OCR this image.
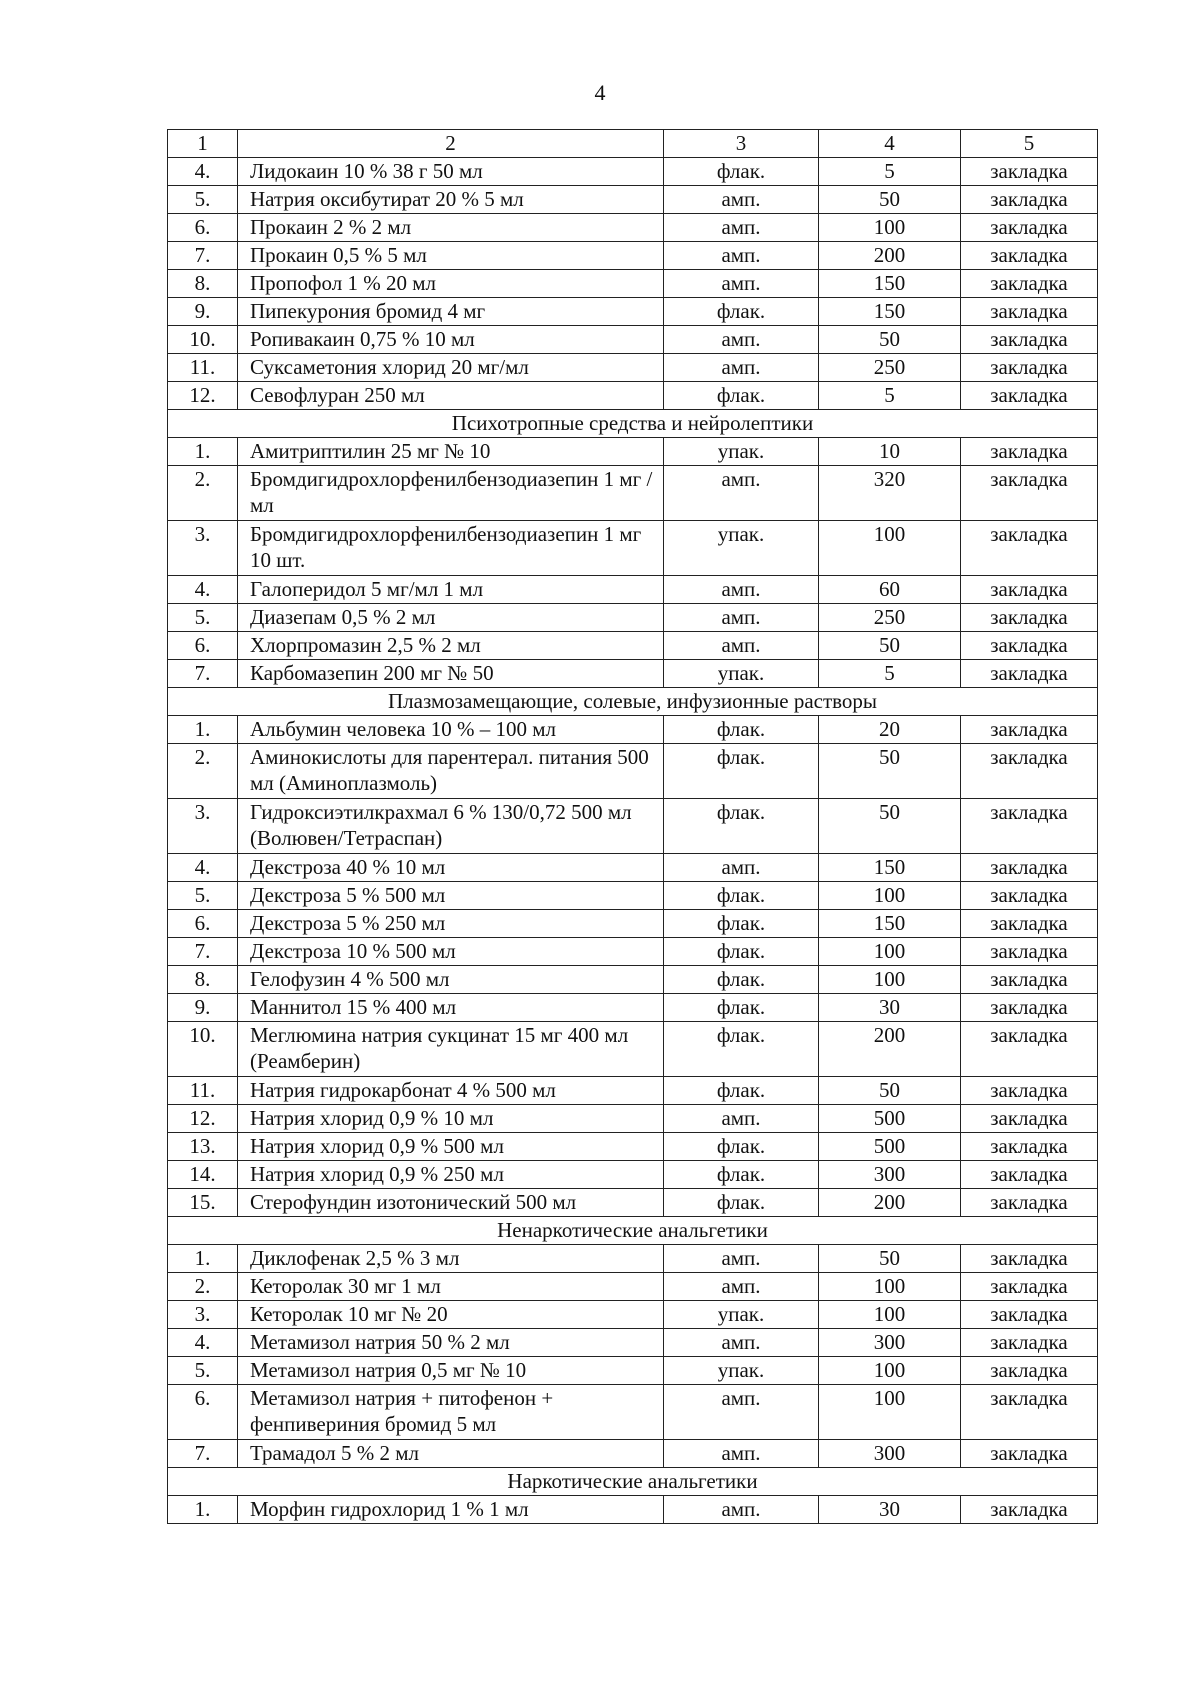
4
1	2	3	4	5
4.	Лидокаин 10 % 38 г 50 мл	флак.	5	закладка
5.	Натрия оксибутират 20 % 5 мл	амп.	50	закладка
6.	Прокаин 2 % 2 мл	амп.	100	закладка
7.	Прокаин 0,5 % 5 мл	амп.	200	закладка
8.	Пропофол 1 % 20 мл	амп.	150	закладка
9.	Пипекурония бромид 4 мг	флак.	150	закладка
10.	Ропивакаин 0,75 % 10 мл	амп.	50	закладка
11.	Суксаметония хлорид 20 мг/мл	амп.	250	закладка
12.	Севофлуран 250 мл	флак.	5	закладка
Психотропные средства и нейролептики				
1.	Амитриптилин 25 мг № 10	упак.	10	закладка
2.	Бромдигидрохлорфенилбензодиазепин 1 мг /мл	амп.	320	закладка
3.	Бромдигидрохлорфенилбензодиазепин 1 мг 10 шт.	упак.	100	закладка
4.	Галоперидол 5 мг/мл 1 мл	амп.	60	закладка
5.	Диазепам 0,5 % 2 мл	амп.	250	закладка
6.	Хлорпромазин 2,5 % 2 мл	амп.	50	закладка
7.	Карбомазепин 200 мг № 50	упак.	5	закладка
Плазмозамещающие, солевые, инфузионные растворы				
1.	Альбумин человека 10 % – 100 мл	флак.	20	закладка
2.	Аминокислоты для парентерал. питания 500 мл (Аминоплазмоль)	флак.	50	закладка
3.	Гидроксиэтилкрахмал 6 % 130/0,72 500 мл (Волювен/Тетраспан)	флак.	50	закладка
4.	Декстроза 40 % 10 мл	амп.	150	закладка
5.	Декстроза 5 % 500 мл	флак.	100	закладка
6.	Декстроза 5 % 250 мл	флак.	150	закладка
7.	Декстроза 10 % 500 мл	флак.	100	закладка
8.	Гелофузин 4 % 500 мл	флак.	100	закладка
9.	Маннитол 15 % 400 мл	флак.	30	закладка
10.	Меглюмина натрия сукцинат 15 мг 400 мл (Реамберин)	флак.	200	закладка
11.	Натрия гидрокарбонат 4 % 500 мл	флак.	50	закладка
12.	Натрия хлорид 0,9 % 10 мл	амп.	500	закладка
13.	Натрия хлорид 0,9 % 500 мл	флак.	500	закладка
14.	Натрия хлорид 0,9 % 250 мл	флак.	300	закладка
15.	Стерофундин изотонический 500 мл	флак.	200	закладка
Ненаркотические анальгетики				
1.	Диклофенак 2,5 % 3 мл	амп.	50	закладка
2.	Кеторолак 30 мг 1 мл	амп.	100	закладка
3.	Кеторолак 10 мг № 20	упак.	100	закладка
4.	Метамизол натрия 50 % 2 мл	амп.	300	закладка
5.	Метамизол натрия 0,5 мг № 10	упак.	100	закладка
6.	Метамизол натрия + питофенон + фенпивериния бромид 5 мл	амп.	100	закладка
7.	Трамадол 5 % 2 мл	амп.	300	закладка
Наркотические анальгетики				
1.	Морфин гидрохлорид 1 % 1 мл	амп.	30	закладка
